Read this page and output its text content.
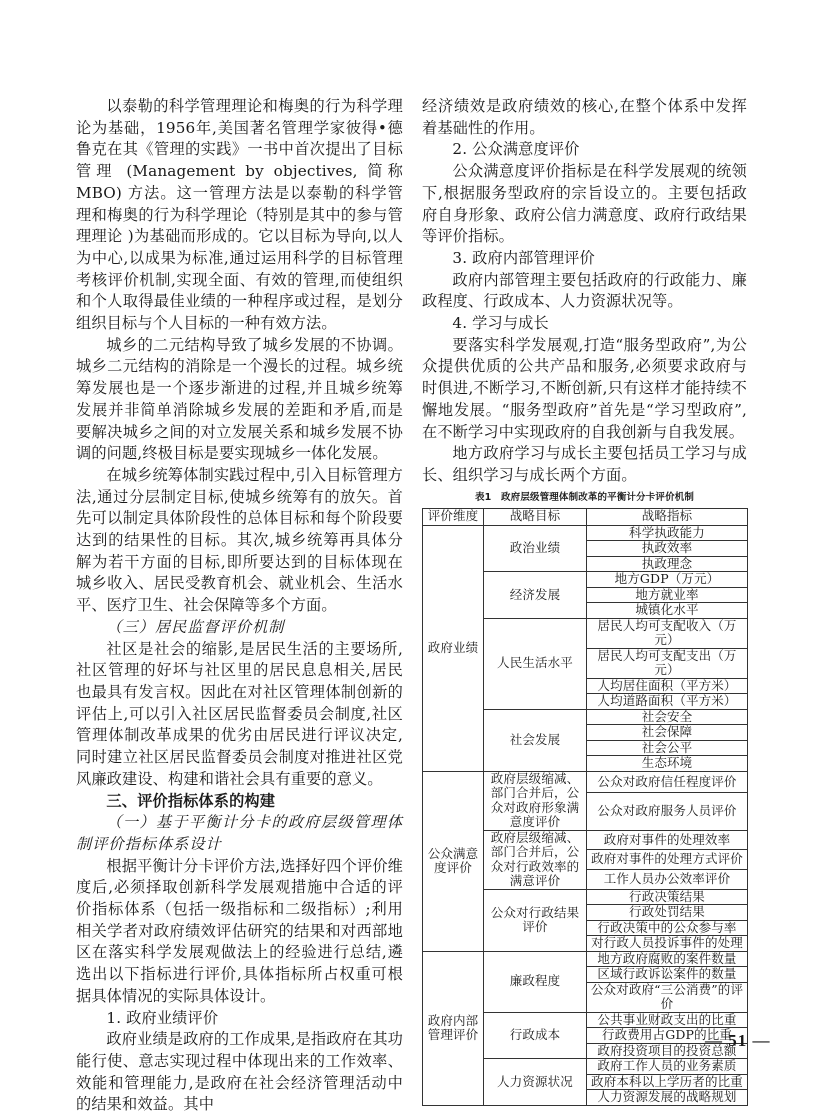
以泰勒的科学管理理论和梅奥的行为科学理论为基础，1956年,美国著名管理学家彼得•德鲁克在其《管理的实践》一书中首次提出了目标管理 (Management by objectives, 简称 MBO) 方法。这一管理方法是以泰勒的科学管理和梅奥的行为科学理论（特别是其中的参与管理理论 )为基础而形成的。它以目标为导向,以人为中心,以成果为标准,通过运用科学的目标管理考核评价机制,实现全面、有效的管理,而使组织和个人取得最佳业绩的一种程序或过程，是划分组织目标与个人目标的一种有效方法。

城乡的二元结构导致了城乡发展的不协调。城乡二元结构的消除是一个漫长的过程。城乡统筹发展也是一个逐步渐进的过程,并且城乡统筹发展并非简单消除城乡发展的差距和矛盾,而是要解决城乡之间的对立发展关系和城乡发展不协调的问题,终极目标是要实现城乡一体化发展。

在城乡统筹体制实践过程中,引入目标管理方法,通过分层制定目标,使城乡统筹有的放矢。首先可以制定具体阶段性的总体目标和每个阶段要达到的结果性的目标。其次,城乡统筹再具体分解为若干方面的目标,即所要达到的目标体现在城乡收入、居民受教育机会、就业机会、生活水平、医疗卫生、社会保障等多个方面。

（三）居民监督评价机制

社区是社会的缩影,是居民生活的主要场所,社区管理的好坏与社区里的居民息息相关,居民也最具有发言权。因此在对社区管理体制创新的评估上,可以引入社区居民监督委员会制度,社区管理体制改革成果的优劣由居民进行评议决定,同时建立社区居民监督委员会制度对推进社区党风廉政建设、构建和谐社会具有重要的意义。

三、评价指标体系的构建

（一）基于平衡计分卡的政府层级管理体制评价指标体系设计

根据平衡计分卡评价方法,选择好四个评价维度后,必须择取创新科学发展观措施中合适的评价指标体系（包括一级指标和二级指标）;利用相关学者对政府绩效评估研究的结果和对西部地区在落实科学发展观做法上的经验进行总结,遴选出以下指标进行评价,具体指标所占权重可根据具体情况的实际具体设计。

1. 政府业绩评价

政府业绩是政府的工作成果,是指政府在其功能行使、意志实现过程中体现出来的工作效率、效能和管理能力,是政府在社会经济管理活动中的结果和效益。其中

经济绩效是政府绩效的核心,在整个体系中发挥着基础性的作用。

2. 公众满意度评价

公众满意度评价指标是在科学发展观的统领下,根据服务型政府的宗旨设立的。主要包括政府自身形象、政府公信力满意度、政府行政结果等评价指标。

3. 政府内部管理评价

政府内部管理主要包括政府的行政能力、廉政程度、行政成本、人力资源状况等。

4. 学习与成长

要落实科学发展观,打造“服务型政府”,为公众提供优质的公共产品和服务,必须要求政府与时俱进,不断学习,不断创新,只有这样才能持续不懈地发展。“服务型政府”首先是“学习型政府”,在不断学习中实现政府的自我创新与自我发展。

地方政府学习与成长主要包括员工学习与成长、组织学习与成长两个方面。

表1　政府层级管理体制改革的平衡计分卡评价机制
评价维度	战略目标	战略指标
政府业绩	政治业绩	科学执政能力
		执政效率
		执政理念
	经济发展	地方GDP（万元）
		地方就业率
		城镇化水平
	人民生活水平	居民人均可支配收入（万元）
		居民人均可支配支出（万元）
		人均居住面积（平方米）
		人均道路面积（平方米）
	社会发展	社会安全
		社会保障
		社会公平
		生态环境
公众满意度评价	政府层级缩减、部门合并后，公众对政府形象满意度评价	公众对政府信任程度评价
		公众对政府服务人员评价
	政府层级缩减、部门合并后，公众对行政效率的满意评价	政府对事件的处理效率
		政府对事件的处理方式评价
		工作人员办公效率评价
	公众对行政结果评价	行政决策结果
		行政处罚结果
		行政决策中的公众参与率
		对行政人员投诉事件的处理
政府内部管理评价	廉政程度	地方政府腐败的案件数量
		区域行政诉讼案件的数量
		公众对政府“三公消费”的评价
	行政成本	公共事业财政支出的比重
		行政费用占GDP的比重
		政府投资项目的投资总额
	人力资源状况	政府工作人员的业务素质
		政府本科以上学历者的比重
		人力资源发展的战略规划
— 51 —
